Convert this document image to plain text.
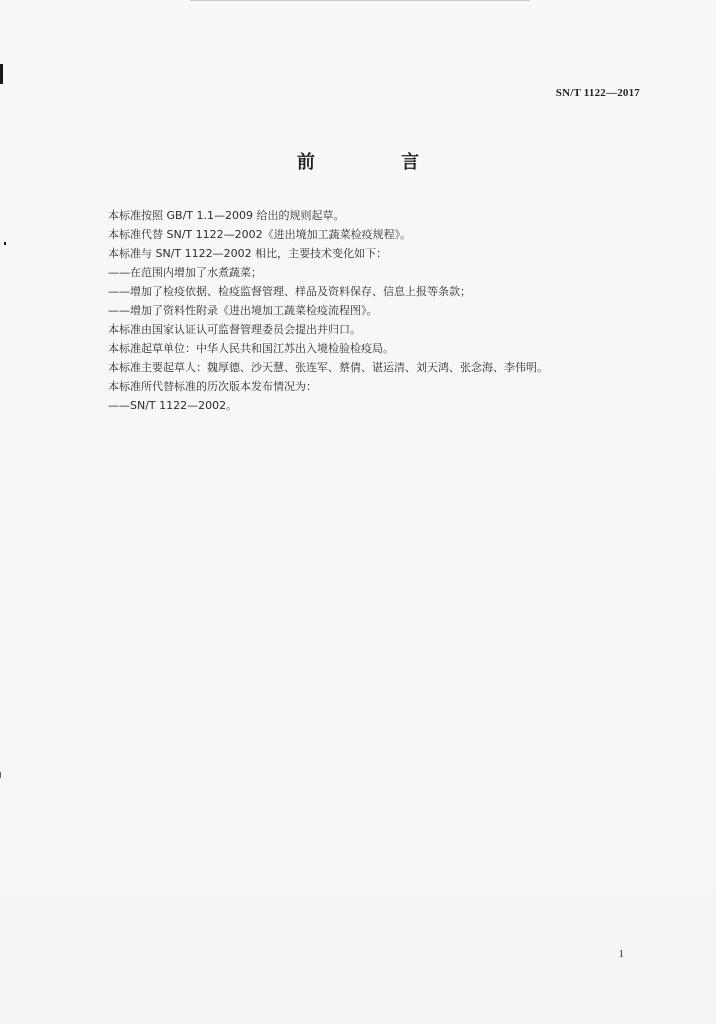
SN/T 1122—2017
前 言
本标准按照 GB/T 1.1—2009 给出的规则起草。
本标准代替 SN/T 1122—2002《进出境加工蔬菜检疫规程》。
本标准与 SN/T 1122—2002 相比，主要技术变化如下：
——在范围内增加了水煮蔬菜；
——增加了检疫依据、检疫监督管理、样品及资料保存、信息上报等条款；
——增加了资料性附录《进出境加工蔬菜检疫流程图》。
本标准由国家认证认可监督管理委员会提出并归口。
本标准起草单位：中华人民共和国江苏出入境检验检疫局。
本标准主要起草人：魏厚德、沙天慧、张连军、蔡倩、谌运清、刘天鸿、张念海、李伟明。
本标准所代替标准的历次版本发布情况为：
——SN/T 1122—2002。
1
